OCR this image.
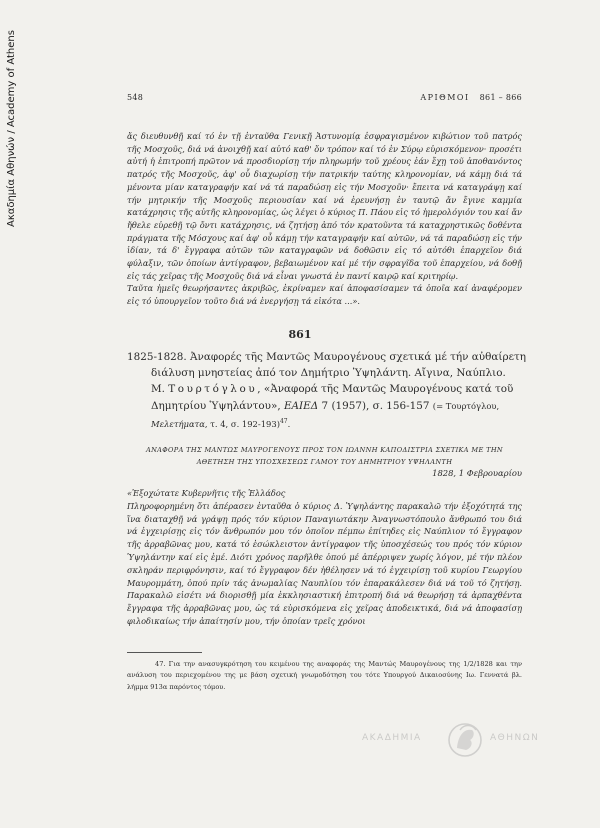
Ακαδημία Αθηνών / Academy of Athens	548	ΑΡΙΘΜΟΙ 861 – 866

ἄς διευθυνθῇ καί τό ἐν τῇ ἐνταῦθα Γενικῇ Ἀστυνομίᾳ ἐσφραγισμένον κιβώτιον τοῦ πατρός τῆς Μοσχοῦς, διά νά ἀνοιχθῇ καί αὐτό καθ' ὅν τρόπον καί τό ἐν Σύρῳ εὑρισκόμενον· προσέτι αὐτή ἡ ἐπιτροπή πρῶτον νά προσδιορίσῃ τήν πληρωμήν τοῦ χρέους ἐάν ἔχῃ τοῦ ἀποθανόντος πατρός τῆς Μοσχοῦς, ἀφ' οὗ διαχωρίσῃ τήν πατρικήν ταύτης κληρονομίαν, νά κάμῃ διά τά μένοντα μίαν καταγραφήν καί νά τά παραδώσῃ εἰς τήν Μοσχοῦν· ἔπειτα νά καταγράψῃ καί τήν μητρικήν τῆς Μοσχοῦς περιουσίαν καί νά ἐρευνήσῃ ἐν ταυτῷ ἄν ἔγινε καμμία κατάχρησις τῆς αὐτῆς κληρονομίας, ὡς λέγει ὁ κύριος Π. Πάου εἰς τό ἡμερολόγιόν του καί ἄν ἤθελε εὑρεθῇ τῷ ὄντι κατάχρησις, νά ζητήσῃ ἀπό τόν κρατοῦντα τά καταχρηστικῶς δοθέντα πράγματα τῆς Μόσχους καί ἀφ' οὗ κάμῃ τήν καταγραφήν καί αὐτῶν, νά τά παραδώσῃ εἰς τήν ἰδίαν, τά δ' ἔγγραφα αὐτῶν τῶν καταγραφῶν νά δοθῶσιν εἰς τό αὐτόθι ἐπαρχεῖον διά φύλαξιν, τῶν ὁποίων ἀντίγραφον, βεβαιωμένον καί μέ τήν σφραγῖδα τοῦ ἐπαρχείου, νά δοθῇ εἰς τάς χεῖρας τῆς Μοσχοῦς διά νά εἶναι γνωστά ἐν παντί καιρῷ καί κριτηρίῳ.

Ταῦτα ἡμεῖς θεωρήσαντες ἀκριβῶς, ἐκρίναμεν καί ἀποφασίσαμεν τά ὁποῖα καί ἀναφέρομεν εἰς τό ὑπουργεῖον τοῦτο διά νά ἐνεργήσῃ τά εἰκότα ...».

861
1825-1828. Ἀναφορές τῆς Μαντῶς Μαυρογένους σχετικά μέ τήν αὐθαίρετη
διάλυση μνηστείας ἀπό τον Δημήτριο Ὑψηλάντη. Αἴγινα, Ναύπλιο.
Μ. Τουρτόγλου, «Ἀναφορά τῆς Μαντῶς Μαυρογένους κατά τοῦ
Δημητρίου Ὑψηλάντου», ΕΑΙΕΔ 7 (1957), σ. 156-157 (= Τουρτόγλου,
Μελετήματα, τ. 4, σ. 192-193)$^{47}$.
ΑΝΑΦΟΡΑ ΤΗΣ ΜΑΝΤΩΣ ΜΑΥΡΟΓΕΝΟΥΣ ΠΡΟΣ ΤΟΝ ΙΩΑΝΝΗ ΚΑΠΟΔΙΣΤΡΙΑ ΣΧΕΤΙΚΑ ΜΕ ΤΗΝ
ΑΘΕΤΗΣΗ ΤΗΣ ΥΠΟΣΧΕΣΕΩΣ ΓΑΜΟΥ ΤΟΥ ΔΗΜΗΤΡΙΟΥ ΥΨΗΛΑΝΤΗ
1828, 1 Φεβρουαρίου

«Ἐξοχώτατε Κυβερνῆτις τῆς Ἑλλάδος

Πληροφορημένη ὅτι ἀπέρασεν ἐνταῦθα ὁ κύριος Δ. Ὑψηλάντης παρακαλῶ τήν ἐξοχότητά της ἵνα διαταχθῇ νά γράψῃ πρός τόν κύριον Παναγιωτάκην Ἀναγνωστόπουλο ἄνθρωπό του διά νά ἐγχειρίσῃς εἰς τόν ἄνθρωπόν μου τόν ὁποῖον πέμπω ἐπίτηδες εἰς Ναύπλιον τό ἔγγραφον τῆς ἀρραβῶνας μου, κατά τό ἐσώκλειστον ἀντίγραφον τῆς ὑποσχέσεώς του πρός τόν κύριον Ὑψηλάντην καί εἰς ἐμέ. Διότι χρόνος παρῆλθε ὁπού μέ ἀπέρριψεν χωρίς λόγον, μέ τήν πλέον σκληράν περιφρόνησιν, καί τό ἔγγραφον δέν ἠθέλησεν νά τό ἐγχειρίσῃ τοῦ κυρίου Γεωργίου Μαυρομμάτη, ὁπού πρίν τάς ἀνωμαλίας Ναυπλίου τόν ἐπαρακάλεσεν διά νά τοῦ τό ζητήσῃ. Παρακαλῶ εἰσέτι νά διορισθῇ μία ἐκκλησιαστική ἐπιτροπή διά νά θεωρήσῃ τά ἀρπαχθέντα ἔγγραφα τῆς ἀρραβῶνας μου, ὡς τά εὑρισκόμενα εἰς χεῖρας ἀποδεικτικά, διά νά ἀποφασίσῃ φιλοδικαίως τήν ἀπαίτησίν μου, τήν ὁποίαν τρεῖς χρόνοι

47. Για την ανασυγκρότηση του κειμένου της αναφοράς της Μαντώς Μαυρογένους της 1/2/1828 και την ανάλυση του περιεχομένου της με βάση σχετική γνωμοδότηση του τότε Υπουργού Δικαιοσύνης Ιω. Γεννατά βλ. λήμμα 913α παρόντος τόμου.

ΑΚΑΔΗΜΙΑ	ΑΘΗΝΩΝ
